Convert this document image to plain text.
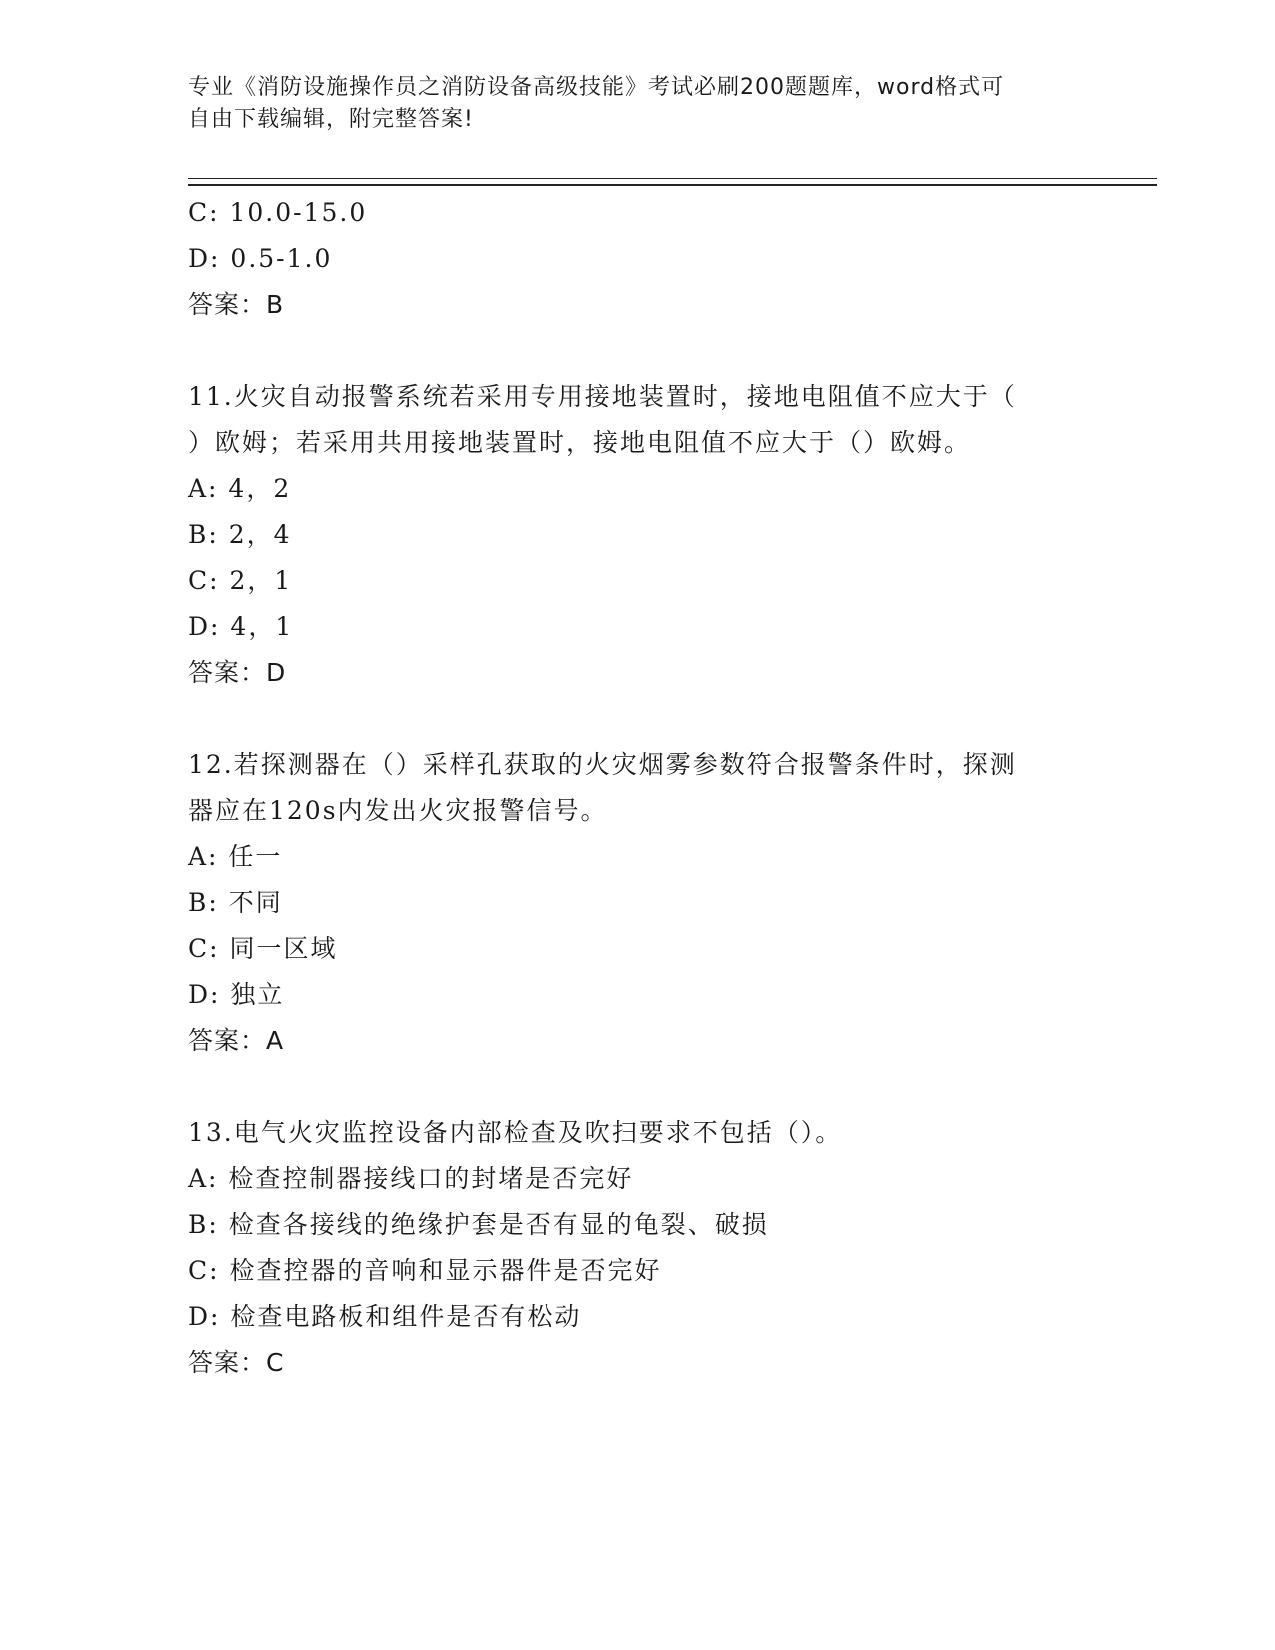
专业《消防设施操作员之消防设备高级技能》考试必刷200题题库，word格式可
自由下载编辑，附完整答案!
C: 10.0-15.0
D: 0.5-1.0
答案：B
11.火灾自动报警系统若采用专用接地装置时，接地电阻值不应大于（
）欧姆；若采用共用接地装置时，接地电阻值不应大于（）欧姆。
A: 4，2
B: 2，4
C: 2，1
D: 4，1
答案：D
12.若探测器在（）采样孔获取的火灾烟雾参数符合报警条件时，探测
器应在120s内发出火灾报警信号。
A: 任一
B: 不同
C: 同一区域
D: 独立
答案：A
13.电气火灾监控设备内部检查及吹扫要求不包括（）。
A: 检查控制器接线口的封堵是否完好
B: 检查各接线的绝缘护套是否有显的龟裂、破损
C: 检查控器的音响和显示器件是否完好
D: 检查电路板和组件是否有松动
答案：C
